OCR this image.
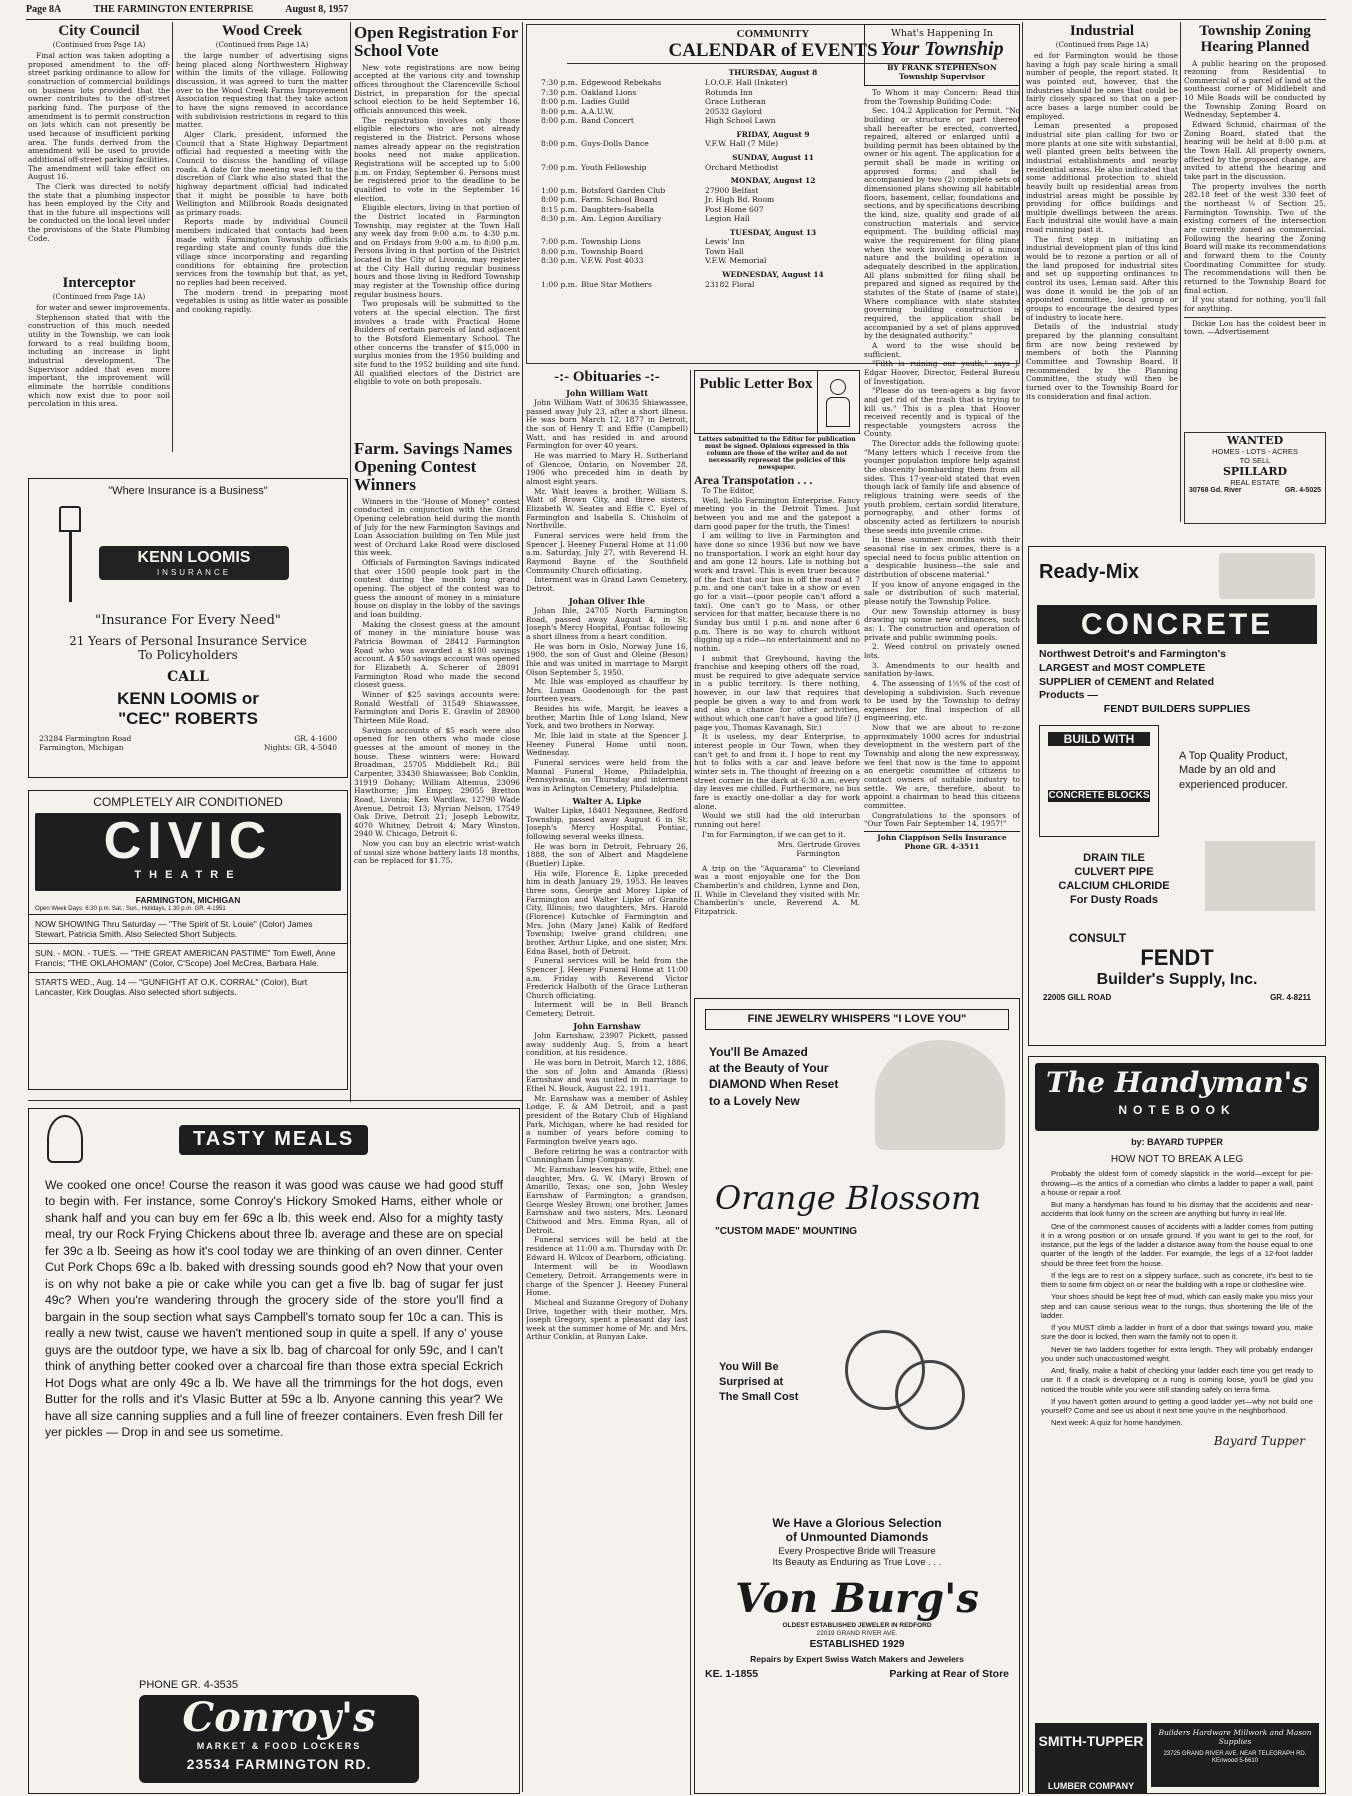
Page 8A	THE FARMINGTON ENTERPRISE	August 8, 1957
City Council
(Continued from Page 1A)

Final action was taken adopting a proposed amendment to the off-street parking ordinance to allow for construction of commercial buildings on business lots provided that the owner contributes to the off-street parking fund. The purpose of the amendment is to permit construction on lots which can not presently be used because of insufficient parking area. The funds derived from the amendment will be used to provide additional off-street parking facilities. The amendment will take effect on August 16.

The Clerk was directed to notify the state that a plumbing inspector has been employed by the City and that in the future all inspections will be conducted on the local level under the provisions of the State Plumbing Code.

Interceptor
(Continued from Page 1A)

for water and sewer improvements.

Stephenson stated that with the construction of this much needed utility in the Township, we can look forward to a real building boom, including an increase in light industrial development. The Supervisor added that even more important, the improvement will eliminate the horrible conditions which now exist due to poor soil percolation in this area.

Wood Creek
(Continued from Page 1A)

the large number of advertising signs being placed along Northwestern Highway within the limits of the village. Following discussion, it was agreed to turn the matter over to the Wood Creek Farms Improvement Association requesting that they take action to have the signs removed in accordance with subdivision restrictions in regard to this matter.

Alger Clark, president, informed the Council that a State Highway Department official had requested a meeting with the Council to discuss the handling of village roads. A date for the meeting was left to the discretion of Clark who also stated that the highway department official had indicated that it might be possible to have both Wellington and Millbrook Roads designated as primary roads.

Reports made by individual Council members indicated that contacts had been made with Farmington Township officials regarding state and county funds due the village since incorporating and regarding conditions for obtaining fire protection services from the township but that, as yet, no replies had been received.

The modern trend in preparing most vegetables is using as little water as possible and cooking rapidly.

"Where Insurance is a Business"
KENN LOOMIS
INSURANCE
"Insurance For Every Need"
21 Years of Personal Insurance Service
To Policyholders
CALL
KENN LOOMIS or
"CEC" ROBERTS
23284 Farmington Road	GR. 4-1600
Farmington, Michigan	Nights: GR. 4-5040
COMPLETELY AIR CONDITIONED
CIVIC
THEATRE
FARMINGTON, MICHIGAN
Open Week Days: 6:30 p.m. Sat., Sun., Holidays, 1:30 p.m. GR. 4-1951
NOW SHOWING Thru Saturday — "The Spirit of St. Louie" (Color) James Stewart, Patricia Smith. Also Selected Short Subjects.
SUN. - MON. - TUES. — "THE GREAT AMERICAN PASTIME" Tom Ewell, Anne Francis; "THE OKLAHOMAN" (Color, C'Scope) Joel McCrea, Barbara Hale.
STARTS WED., Aug. 14 — "GUNFIGHT AT O.K. CORRAL" (Color), Burt Lancaster, Kirk Douglas. Also selected short subjects.
Open Registration For School Vote

New vote registrations are now being accepted at the various city and township offices throughout the Clarenceville School District, in preparation for the special school election to be held September 16, officials announced this week.

The registration involves only those eligible electors who are not already registered in the District. Persons whose names already appear on the registration books need not make application. Registrations will be accepted up to 5:00 p.m. on Friday, September 6. Persons must be registered prior to the deadline to be qualified to vote in the September 16 election.

Eligible electors, living in that portion of the District located in Farmington Township, may register at the Town Hall any week day from 9:00 a.m. to 4:30 p.m. and on Fridays from 9:00 a.m. to 8:00 p.m. Persons living in that portion of the District located in the City of Livonia, may register at the City Hall during regular business hours and those living in Redford Township may register at the Township office during regular business hours.

Two proposals will be submitted to the voters at the special election. The first involves a trade with Practical Home Builders of certain parcels of land adjacent to the Botsford Elementary School. The other concerns the transfer of $15,000 in surplus monies from the 1956 building and site fund to the 1952 building and site fund. All qualified electors of the District are eligible to vote on both proposals.

Farm. Savings Names Opening Contest Winners

Winners in the "House of Money" contest conducted in conjunction with the Grand Opening celebration held during the month of July for the new Farmington Savings and Loan Association building on Ten Mile just west of Orchard Lake Road were disclosed this week.

Officials of Farmington Savings indicated that over 1500 people took part in the contest during the month long grand opening. The object of the contest was to guess the amount of money in a miniature house on display in the lobby of the savings and loan building.

Making the closest guess at the amount of money in the miniature house was Patricia Bowman of 28412 Farmington Road who was awarded a $100 savings account. A $50 savings account was opened for Elizabeth A. Scherer of 28091 Farmington Road who made the second closest guess.

Winner of $25 savings accounts were: Ronald Westfall of 31549 Shiawassee, Farmington and Doris E. Gravlin of 28900 Thirteen Mile Road.

Savings accounts of $5 each were also opened for ten others who made close guesses at the amount of money in the house. These winners were: Howard Broadman, 25705 Middlebelt Rd.; Bill Carpenter, 33430 Shiawassee; Bob Conklin, 31919 Dohany; William Altemus, 23096 Hawthorne; Jim Empey, 29055 Bretton Road, Livonia; Ken Wardlaw, 12790 Wade Avenue, Detroit 13; Myrian Nelson, 17549 Oak Drive, Detroit 21; Joseph Lebowitz, 4070 Whitney, Detroit 4; Mary Winston, 2940 W. Chicago, Detroit 6.

Now you can buy an electric wrist-watch of usual size whose battery lasts 18 months, can be replaced for $1.75.

TASTY MEALS
We cooked one once! Course the reason it was good was cause we had good stuff to begin with. Fer instance, some Conroy's Hickory Smoked Hams, either whole or shank half and you can buy em fer 69c a lb. this week end. Also for a mighty tasty meal, try our Rock Frying Chickens about three lb. average and these are on special fer 39c a lb. Seeing as how it's cool today we are thinking of an oven dinner. Center Cut Pork Chops 69c a lb. baked with dressing sounds good eh? Now that your oven is on why not bake a pie or cake while you can get a five lb. bag of sugar fer just 49c? When you're wandering through the grocery side of the store you'll find a bargain in the soup section what says Campbell's tomato soup fer 10c a can. This is really a new twist, cause we haven't mentioned soup in quite a spell. If any o' youse guys are the outdoor type, we have a six lb. bag of charcoal for only 59c, and I can't think of anything better cooked over a charcoal fire than those extra special Eckrich Hot Dogs what are only 49c a lb. We have all the trimmings for the hot dogs, even Butter for the rolls and it's Vlasic Butter at 59c a lb. Anyone canning this year? We have all size canning supplies and a full line of freezer containers. Even fresh Dill fer yer pickles — Drop in and see us sometime.
PHONE GR. 4-3535
Conroy's
MARKET & FOOD LOCKERS
23534 FARMINGTON RD.
COMMUNITY
CALENDAR of EVENTS
THURSDAY, August 8
7:30 p.m. Edgewood Rebekahs	I.O.O.F. Hall (Inkster)
7:30 p.m. Oakland Lions	Rotunda Inn
8:00 p.m. Ladies Guild	Grace Lutheran
8:00 p.m. A.A.U.W.	20532 Gaylord
8:00 p.m. Band Concert	High School Lawn
FRIDAY, August 9
8:00 p.m. Guys-Dolls Dance	V.F.W. Hall (7 Mile)
SUNDAY, August 11
7:00 p.m. Youth Fellowship	Orchard Methodist
MONDAY, August 12
1:00 p.m. Botsford Garden Club	27900 Belfast
8:00 p.m. Farm. School Board	Jr. High Bd. Room
8:15 p.m. Daughters-Isabella	Post Home 607
8:30 p.m. Am. Legion Auxiliary	Legion Hall
TUESDAY, August 13
7:00 p.m. Township Lions	Lewis' Inn
8:00 p.m. Township Board	Town Hall
8:30 p.m. V.F.W. Post 4033	V.F.W. Memorial
WEDNESDAY, August 14
1:00 p.m. Blue Star Mothers	23182 Floral
-:- Obituaries -:-
John William Watt

John William Watt of 30635 Shiawassee, passed away July 23, after a short illness. He was born March 12, 1877 in Detroit, the son of Henry T. and Effie (Campbell) Watt, and has resided in and around Farmington for over 40 years.

He was married to Mary H. Sutherland of Glencoe, Ontario, on November 28, 1906 who preceded him in death by almost eight years.

Mr. Watt leaves a brother, William S. Watt of Brown City, and three sisters, Elizabeth W. Seates and Effie C. Eyel of Farmington and Isabella S. Chisholm of Northville.

Funeral services were held from the Spencer J. Heeney Funeral Home at 11:00 a.m. Saturday, July 27, with Reverend H. Raymond Bayne of the Southfield Community Church officiating.

Interment was in Grand Lawn Cemetery, Detroit.

Johan Oliver Ihle

Johan Ihle, 24705 North Farmington Road, passed away August 4, in St. Joseph's Mercy Hospital, Pontiac following a short illness from a heart condition.

He was born in Oslo, Norway June 16, 1900, the son of Gust and Oleine (Beson) Ihle and was united in marriage to Margit Olson September 5, 1950.

Mr. Ihle was employed as chauffeur by Mrs. Luman Goodenough for the past fourteen years.

Besides his wife, Margit, he leaves a brother, Martin Ihle of Long Island, New York, and two brothers in Norway.

Mr. Ihle laid in state at the Spencer J. Heeney Funeral Home until noon, Wednesday.

Funeral services were held from the Mannal Funeral Home, Philadelphia, Pennsylvania, on Thursday and interment was in Arlington Cemetery, Philadelphia.

Walter A. Lipke

Walter Lipke, 18401 Negaunee, Redford Township, passed away August 6 in St. Joseph's Mercy Hospital, Pontiac, following several weeks illness.

He was born in Detroit, February 26, 1888, the son of Albert and Magdelene (Buetler) Lipke.

His wife, Florence E. Lipke preceded him in death January 29, 1953. He leaves three sons, George and Morey Lipke of Farmington and Walter Lipke of Granite City, Illinois; two daughters, Mrs. Harold (Florence) Kutschke of Farmington and Mrs. John (Mary Jane) Kalik of Redford Township; twelve grand children; one brother, Arthur Lipke, and one sister, Mrs. Edna Basel, both of Detroit.

Funeral services will be held from the Spencer J. Heeney Funeral Home at 11:00 a.m. Friday with Reverend Victor Frederick Halboth of the Grace Lutheran Church officiating.

Interment will be in Bell Branch Cemetery, Detroit.

John Earnshaw

John Earnshaw, 23907 Pickett, passed away suddenly Aug. 5, from a heart condition, at his residence.

He was born in Detroit, March 12, 1886, the son of John and Amanda (Riess) Earnshaw and was united in marriage to Ethel N. Bouck, August 22, 1911.

Mr. Earnshaw was a member of Ashley Lodge, F. & AM Detroit, and a past president of the Rotary Club of Highland Park, Michigan, where he had resided for a number of years before coming to Farmington twelve years ago.

Before retiring he was a contractor with Cunningham Limp Company.

Mr. Earnshaw leaves his wife, Ethel; one daughter, Mrs. G. W. (Mary) Brown of Amarillo, Texas; one son, John Wesley Earnshaw of Farmington; a grandson, George Wesley Brown; one brother, James Earnshaw and two sisters, Mrs. Leonard Chitwood and Mrs. Emma Ryan, all of Detroit.

Funeral services will be held at the residence at 11:00 a.m. Thursday with Dr. Edward H. Wilcox of Dearborn, officiating.

Interment will be in Woodlawn Cemetery, Detroit. Arrangements were in charge of the Spencer J. Heeney Funeral Home.

Micheal and Suzanne Gregory of Dohany Drive, together with their mother, Mrs. Joseph Gregory, spent a pleasant day last week at the summer home of Mr. and Mrs. Arthur Conklin, at Runyan Lake.

Public Letter Box
Letters submitted to the Editor for publication must be signed. Opinions expressed in this column are those of the writer and do not necessarily represent the policies of this newspaper.
Area Transpotation . . .

To The Editor,

Well, hello Farmington Enterprise. Fancy meeting you in the Detroit Times. Just between you and me and the gatepost a darn good paper for the truth, the Times!

I am willing to live in Farmington and have done so since 1936 but now we have no transportation. I work an eight hour day and am gone 12 hours. Life is nothing but work and travel. This is even truer because of the fact that our bus is off the road at 7 p.m. and one can't take in a show or even go for a visit—(poor people can't afford a taxi). One can't go to Mass, or other services for that matter, because there is no Sunday bus until 1 p.m. and none after 6 p.m. There is no way to church without digging up a ride—no entertainment and no nothin.

I submit that Greyhound, having the franchise and keeping others off the road, must be required to give adequate service in a public territory. Is there nothing, however, in our law that requires that people be given a way to and from work and also a chance for other activities, without which one can't have a good life? (I page you, Thomas Kavanagh, Sir.)

It is useless, my dear Enterprise, to interest people in Our Town, when they can't get to and from it. I hope to rent my hut to folks with a car and leave before winter sets in. The thought of freezing on a street corner in the dark at 6:30 a.m. every day leaves me chilled. Furthermore, no bus fare is exactly one-dollar a day for work alone.

Would we still had the old interurban running out here!

I'm for Farmington, if we can get to it.

Mrs. Gertrude Groves
Farmington

A trip on the "Aquarama" to Cleveland was a most enjoyable one for the Don Chamberlin's and children, Lynne and Don, II. While in Cleveland they visited with Mr. Chamberlin's uncle, Reverend A. M. Fitzpatrick.

What's Happening In
Your Township
BY FRANK STEPHENSON
Township Supervisor

To Whom it may Concern: Read this from the Township Building Code:

Sec. 104.2 Application for Permit. "No building or structure or part thereof shall hereafter be erected, converted, repaired, altered or enlarged until a building permit has been obtained by the owner or his agent. The application for a permit shall be made in writing on approved forms; and shall be accompanied by two (2) complete sets of dimensioned plans showing all habitable floors, basement, cellar, foundations and sections, and by specifications describing the kind, size, quality and grade of all construction materials and service equipment. The building official may waive the requirement for filing plans when the work involved is of a minor nature and the building operation is adequately described in the application. All plans submitted for filing shall be prepared and signed as required by the statutes of the State of (name of state). Where compliance with state statutes governing building construction is required, the application shall be accompanied by a set of plans approved by the designated authority."

A word to the wise should be sufficient.

"Filth is ruining our youth," says J. Edgar Hoover, Director, Federal Bureau of Investigation.

"Please do us teen-agers a big favor and get rid of the trash that is trying to kill us." This is a plea that Hoover received recently and is typical of the respectable youngsters across the County.

The Director adds the following quote: "Many letters which I receive from the younger population implore help against the obscenity bombarding them from all sides. This 17-year-old stated that even though lack of family life and absence of religious training were seeds of the youth problem, certain sordid literature, pornography, and other forms of obscenity acted as fertilizers to nourish these seeds into juvenile crime.

In these summer months with their seasonal rise in sex crimes, there is a special need to focus public attention on a despicable business—the sale and distribution of obscene material."

If you know of anyone engaged in the sale or distribution of such material, please notify the Township Police.

Our new Township attorney is busy drawing up some new ordinances, such as: 1. The construction and operation of private and public swimming pools.

2. Weed control on privately owned lots.

3. Amendments to our health and sanitation by-laws.

4. The assessing of 1½% of the cost of developing a subdivision. Such revenue to be used by the Township to defray expenses for final inspection of all engineering, etc.

Now that we are about to re-zone approximately 1000 acres for industrial development in the western part of the Township and along the new expressway, we feel that now is the time to appoint an energetic committee of citizens to contact owners of suitable industry to settle. We are, therefore, about to appoint a chairman to head this citizens committee.

Congratulations to the sponsors of "Our Town Fair September 14, 1957!"

John Clappison Sells Insurance
Phone GR. 4-3511
FINE JEWELRY WHISPERS "I LOVE YOU"
You'll Be Amazed
at the Beauty of Your
DIAMOND When Reset
to a Lovely New
Orange Blossom
"CUSTOM MADE" MOUNTING
You Will Be
Surprised at
The Small Cost
We Have a Glorious Selection
of Unmounted Diamonds
Every Prospective Bride will Treasure
Its Beauty as Enduring as True Love . . .
Von Burg's
OLDEST ESTABLISHED JEWELER IN REDFORD
22019 GRAND RIVER AVE.
ESTABLISHED 1929
Repairs by Expert Swiss Watch Makers and Jewelers
KE. 1-1855	Parking at Rear of Store
Industrial
(Continued from Page 1A)

ed for Farmington would be those having a high pay scale hiring a small number of people, the report stated. It was pointed out, however, that the industries should be ones that could be fairly closely spaced so that on a per-acre bases a large number could be employed.

Leman presented a proposed industrial site plan calling for two or more plants at one site with substantial, well planted green belts between the industrial establishments and nearby residential areas. He also indicated that some additional protection to shield heavily built up residential areas from industrial areas might be possible by providing for office buildings and multiple dwellings between the areas. Each industrial site would have a main road running past it.

The first step in initiating an industrial development plan of this kind would be to rezone a portion or all of the land proposed for industrial sites and set up supporting ordinances to control its uses, Leman said. After this was done it would be the job of an appointed committee, local group or groups to encourage the desired types of industry to locate here.

Details of the industrial study prepared by the planning consultant firm are now being reviewed by members of both the Planning Committee and Township Board. If recommended by the Planning Committee, the study will then be turned over to the Township Board for its consideration and final action.

Township Zoning Hearing Planned

A public hearing on the proposed rezoning from Residential to Commercial of a parcel of land at the southeast corner of Middlebelt and 10 Mile Roads will be conducted by the Township Zoning Board on Wednesday, September 4.

Edward Schmid, chairman of the Zoning Board, stated that the hearing will be held at 8:00 p.m. at the Town Hall. All property owners, affected by the proposed change, are invited to attend the hearing and take part in the discussion.

The property involves the north 282.18 feet of the west 330 feet of the northeast ¼ of Section 25, Farmington Township. Two of the existing corners of the intersection are currently zoned as commercial. Following the hearing the Zoning Board will make its recommendations and forward them to the County Coordinating Committee for study. The recommendations will then be returned to the Township Board for final action.

If you stand for nothing, you'll fall for anything.

Dickie Lou has the coldest beer in town. —Advertisement

WANTED
HOMES - LOTS - ACRES
TO SELL
SPILLARD
REAL ESTATE
30768 Gd. River	GR. 4-5025
Ready-Mix
CONCRETE
Northwest Detroit's and Farmington's
LARGEST and MOST COMPLETE
SUPPLIER of CEMENT and Related
Products —
FENDT BUILDERS SUPPLIES
BUILD WITH
CONCRETE BLOCKS
A Top Quality Product, Made by an old and experienced producer.
DRAIN TILE
CULVERT PIPE
CALCIUM CHLORIDE
For Dusty Roads
CONSULT
FENDT
Builder's Supply, Inc.
22005 GILL ROAD	GR. 4-8211
The Handyman's
NOTEBOOK
by: BAYARD TUPPER
HOW NOT TO BREAK A LEG

Probably the oldest form of comedy slapstick in the world—except for pie-throwing—is the antics of a comedian who climbs a ladder to paper a wall, paint a house or repair a roof.

But many a handyman has found to his dismay that the accidents and near-accidents that look funny on the screen are anything but funny in real life.

One of the commonest causes of accidents with a ladder comes from putting it in a wrong position or on unsafe ground. If you want to get to the roof, for instance, put the legs of the ladder a distance away from the house equal to one quarter of the length of the ladder. For example, the legs of a 12-foot ladder should be three feet from the house.

If the legs are to rest on a slippery surface, such as concrete, it's best to tie them to some firm object on or near the building with a rope or clothesline wire.

Your shoes should be kept free of mud, which can easily make you miss your step and can cause serious wear to the rungs, thus shortening the life of the ladder.

If you MUST climb a ladder in front of a door that swings toward you, make sure the door is locked, then warn the family not to open it.

Never tie two ladders together for extra length. They will probably endanger you under such unaccustomed weight.

And, finally, make a habit of checking your ladder each time you get ready to use it. If a crack is developing or a rung is coming loose, you'll be glad you noticed the trouble while you were still standing safely on terra firma.

If you haven't gotten around to getting a good ladder yet—why not build one yourself? Come and see us about it next time you're in the neighborhood.

Next week: A quiz for home handymen.

Bayard Tupper
SMITH-TUPPER
Builders Hardware Millwork and Mason Supplies
23725 GRAND RIVER AVE. NEAR TELEGRAPH RD.
KEnwood 5-6610
LUMBER COMPANY
